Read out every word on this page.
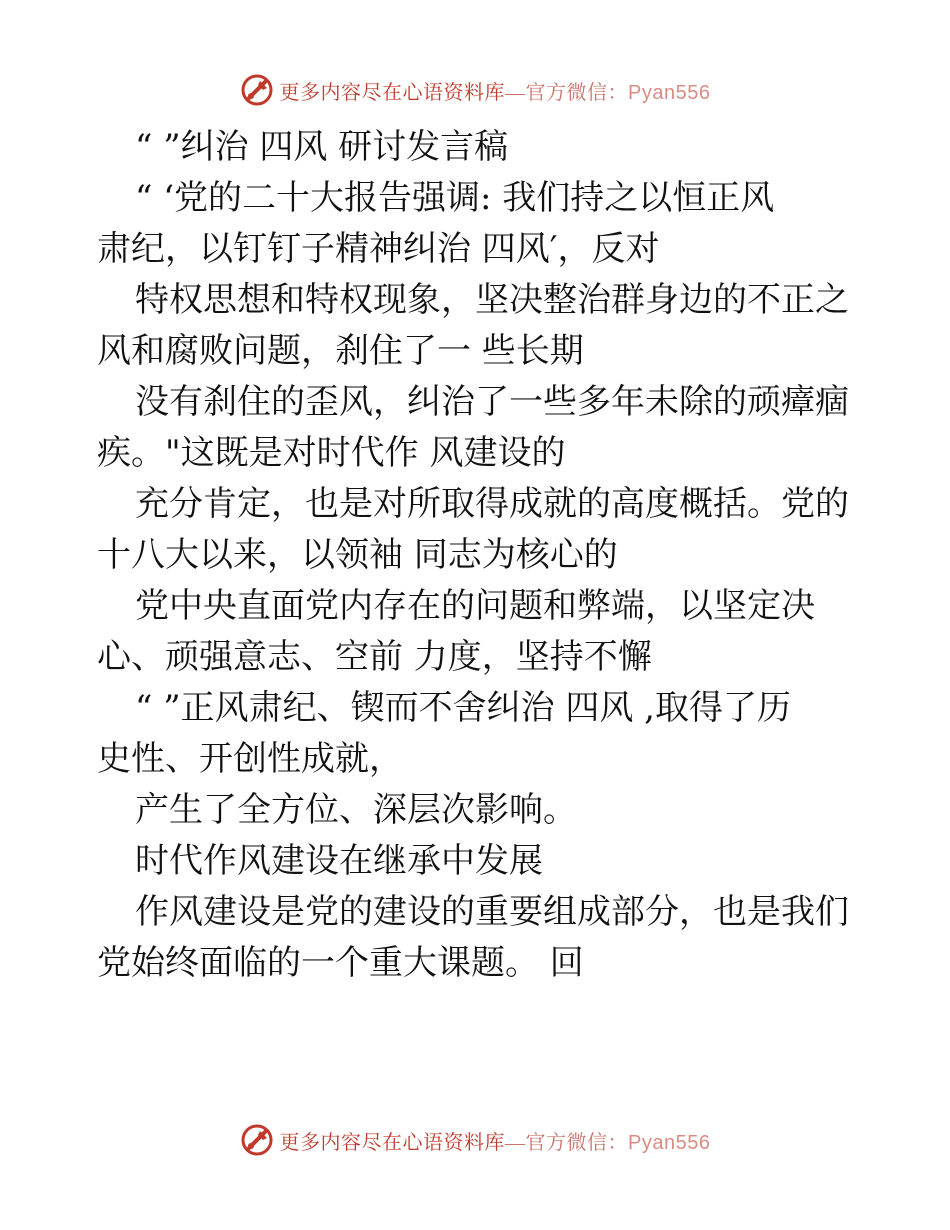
更多内容尽在心语资料库—官方微信：Pyan556
“ ”纠治 四风 研讨发言稿
“ ‘党的二十大报告强调: 我们持之以恒正风
肃纪，以钉钉子精神纠治 四风′，反对
特权思想和特权现象，坚决整治群身边的不正之
风和腐败问题，刹住了一 些长期
没有刹住的歪风，纠治了一些多年未除的顽瘴痼
疾。"这既是对时代作 风建设的
充分肯定，也是对所取得成就的高度概括。党的
十八大以来，以领袖 同志为核心的
党中央直面党内存在的问题和弊端，以坚定决
心、顽强意志、空前 力度，坚持不懈
“ ”正风肃纪、锲而不舍纠治 四风 ,取得了历
史性、开创性成就，
产生了全方位、深层次影响。
时代作风建设在继承中发展
作风建设是党的建设的重要组成部分，也是我们
党始终面临的一个重大课题。 回
更多内容尽在心语资料库—官方微信：Pyan556
